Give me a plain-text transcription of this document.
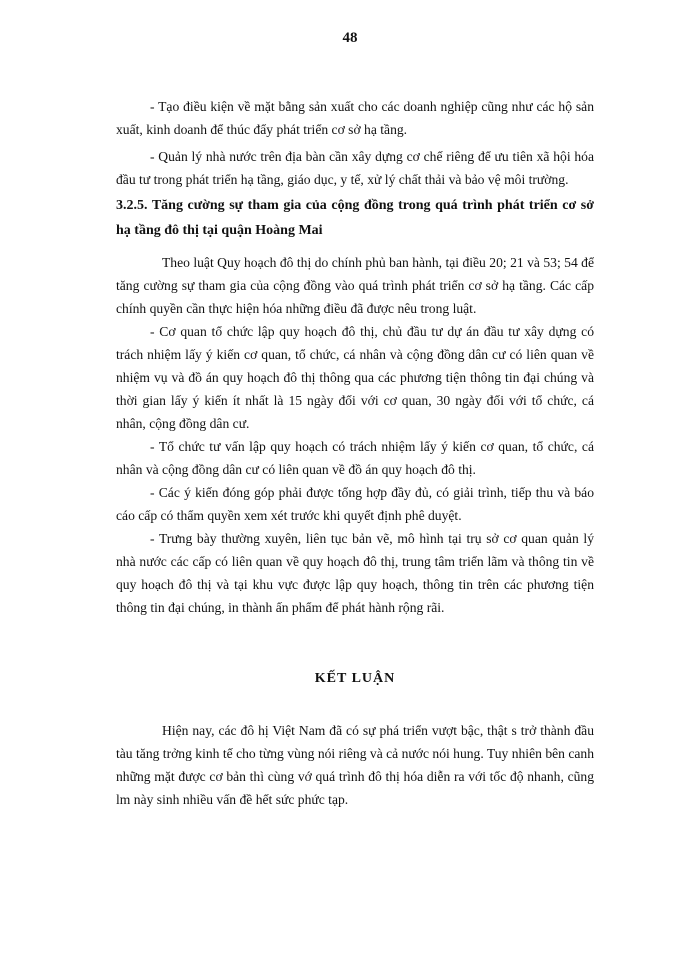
48

- Tạo điều kiện về mặt bằng sản xuất cho các doanh nghiệp cũng như các hộ sản xuất, kinh doanh để thúc đẩy phát triển cơ sở hạ tầng.

- Quản lý nhà nước trên địa bàn cần xây dựng cơ chế riêng để ưu tiên xã hội hóa đầu tư trong phát triển hạ tầng, giáo dục, y tế, xử lý chất thải và bảo vệ môi trường.

3.2.5. Tăng cường sự tham gia của cộng đồng trong quá trình phát triển cơ sở hạ tầng đô thị tại quận Hoàng Mai

Theo luật Quy hoạch đô thị do chính phủ ban hành, tại điều 20; 21 và 53; 54 để tăng cường sự tham gia của cộng đồng vào quá trình phát triển cơ sở hạ tầng. Các cấp chính quyền cần thực hiện hóa những điều đã được nêu trong luật.

- Cơ quan tổ chức lập quy hoạch đô thị, chủ đầu tư dự án đầu tư xây dựng có trách nhiệm lấy ý kiến cơ quan, tổ chức, cá nhân và cộng đồng dân cư có liên quan về nhiệm vụ và đồ án quy hoạch đô thị thông qua các phương tiện thông tin đại chúng và thời gian lấy ý kiến ít nhất là 15 ngày đối với cơ quan, 30 ngày đối với tổ chức, cá nhân, cộng đồng dân cư.

- Tổ chức tư vấn lập quy hoạch có trách nhiệm lấy ý kiến cơ quan, tổ chức, cá nhân và cộng đồng dân cư có liên quan về đồ án quy hoạch đô thị.

- Các ý kiến đóng góp phải được tổng hợp đầy đủ, có giải trình, tiếp thu và báo cáo cấp có thẩm quyền xem xét trước khi quyết định phê duyệt.

- Trưng bày thường xuyên, liên tục bản vẽ, mô hình tại trụ sở cơ quan quản lý nhà nước các cấp có liên quan về quy hoạch đô thị, trung tâm triển lãm và thông tin về quy hoạch đô thị và tại khu vực được lập quy hoạch, thông tin trên các phương tiện thông tin đại chúng, in thành ấn phẩm để phát hành rộng rãi.

KẾT LUẬN

Hiện nay, các đô hị Việt Nam đã có sự phá triển vượt bậc, thật s trở thành đầu tàu tăng trởng kinh tế cho từng vùng nói riêng và cả nước nói hung. Tuy nhiên bên canh những mặt được cơ bản thì cùng vớ quá trình đô thị hóa diễn ra với tốc độ nhanh, cũng lm này sinh nhiều vấn đề hết sức phức tạp.
